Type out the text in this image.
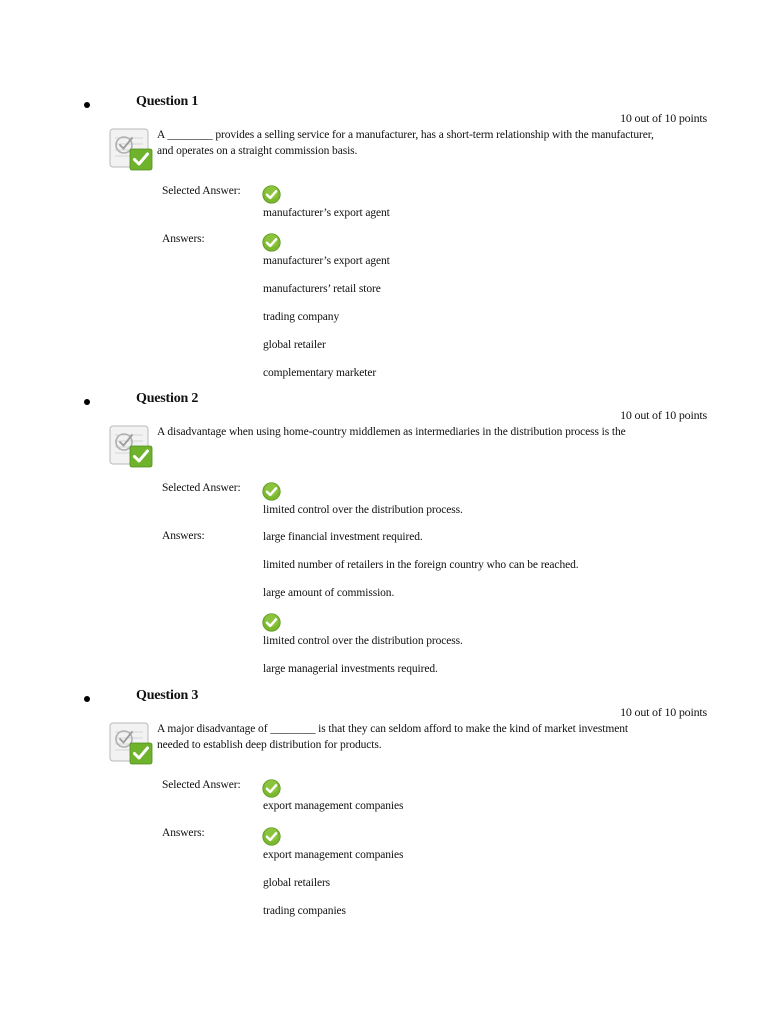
Question 1
10 out of 10 points
A ________ provides a selling service for a manufacturer, has a short-term relationship with the manufacturer, and operates on a straight commission basis.
Selected Answer:
manufacturer’s export agent
Answers:
manufacturer’s export agent
manufacturers’ retail store
trading company
global retailer
complementary marketer
Question 2
10 out of 10 points
A disadvantage when using home-country middlemen as intermediaries in the distribution process is the
Selected Answer:
limited control over the distribution process.
Answers:	large financial investment required.
limited number of retailers in the foreign country who can be reached.
large amount of commission.
limited control over the distribution process.
large managerial investments required.
Question 3
10 out of 10 points
A major disadvantage of ________ is that they can seldom afford to make the kind of market investment needed to establish deep distribution for products.
Selected Answer:
export management companies
Answers:
export management companies
global retailers
trading companies
